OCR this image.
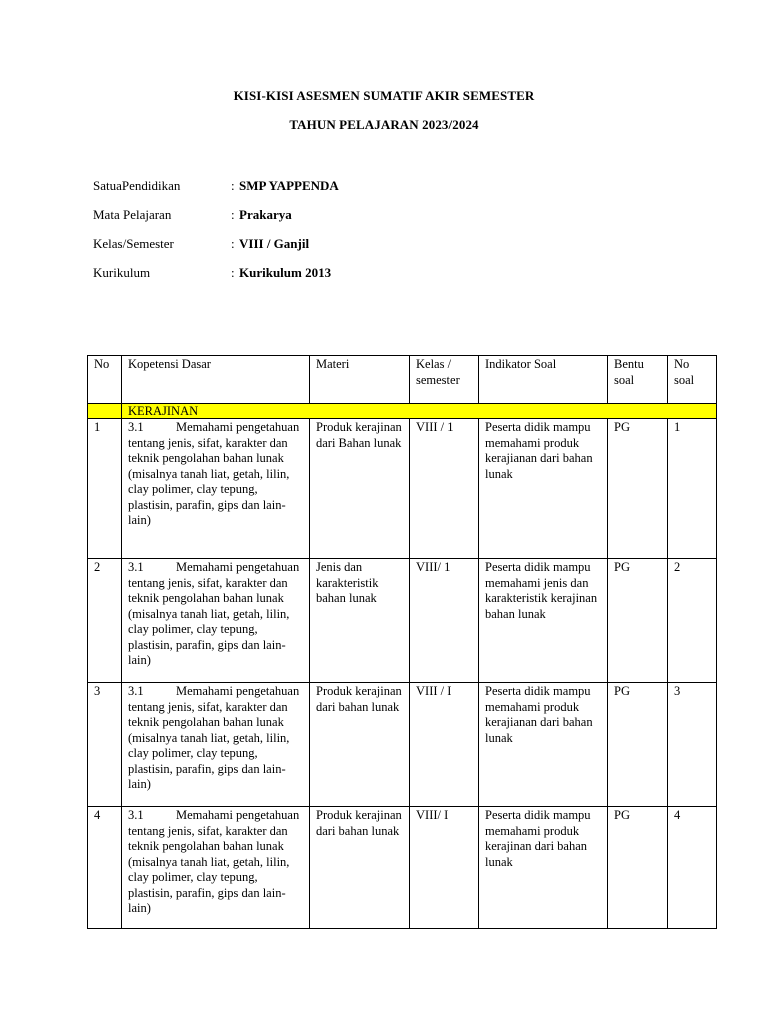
KISI-KISI ASESMEN SUMATIF AKIR SEMESTER
TAHUN PELAJARAN 2023/2024
SatuaPendidikan	: SMP YAPPENDA
Mata Pelajaran	: Prakarya
Kelas/Semester	: VIII / Ganjil
Kurikulum	: Kurikulum 2013
No	Kopetensi Dasar	Materi	Kelas / semester	Indikator Soal	Bentu soal	No soal
	KERAJINAN					
1	3.1 Memahami pengetahuan tentang jenis, sifat, karakter dan teknik pengolahan bahan lunak (misalnya tanah liat, getah, lilin, clay polimer, clay tepung, plastisin, parafin, gips dan lain-lain)	Produk kerajinan dari Bahan lunak	VIII / 1	Peserta didik mampu memahami produk kerajianan dari bahan lunak	PG	1
2	3.1 Memahami pengetahuan tentang jenis, sifat, karakter dan teknik pengolahan bahan lunak (misalnya tanah liat, getah, lilin, clay polimer, clay tepung, plastisin, parafin, gips dan lain-lain)	Jenis dan karakteristik bahan lunak	VIII/ 1	Peserta didik mampu memahami jenis dan karakteristik kerajinan bahan lunak	PG	2
3	3.1 Memahami pengetahuan tentang jenis, sifat, karakter dan teknik pengolahan bahan lunak (misalnya tanah liat, getah, lilin, clay polimer, clay tepung, plastisin, parafin, gips dan lain-lain)	Produk kerajinan dari bahan lunak	VIII / I	Peserta didik mampu memahami produk kerajianan dari bahan lunak	PG	3
4	3.1 Memahami pengetahuan tentang jenis, sifat, karakter dan teknik pengolahan bahan lunak (misalnya tanah liat, getah, lilin, clay polimer, clay tepung, plastisin, parafin, gips dan lain-lain)	Produk kerajinan dari bahan lunak	VIII/ I	Peserta didik mampu memahami produk kerajinan dari bahan lunak	PG	4
